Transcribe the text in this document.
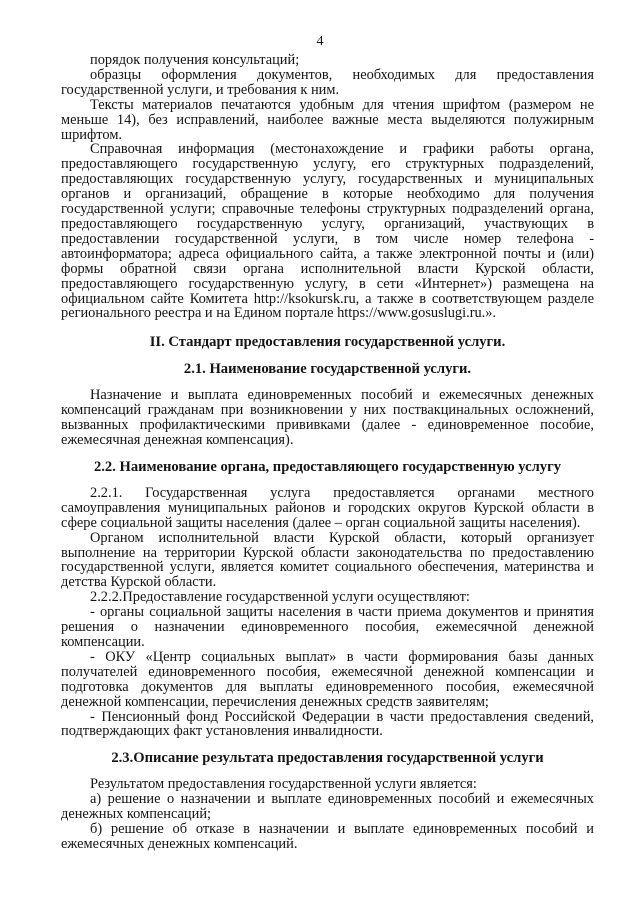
4

порядок получения консультаций;

образцы оформления документов, необходимых для предоставления государственной услуги, и требования к ним.

Тексты материалов печатаются удобным для чтения шрифтом (размером не меньше 14), без исправлений, наиболее важные места выделяются полужирным шрифтом.

Справочная информация (местонахождение и графики работы органа, предоставляющего государственную услугу, его структурных подразделений, предоставляющих государственную услугу, государственных и муниципальных органов и организаций, обращение в которые необходимо для получения государственной услуги; справочные телефоны структурных подразделений органа, предоставляющего государственную услугу, организаций, участвующих в предоставлении государственной услуги, в том числе номер телефона - автоинформатора; адреса официального сайта, а также электронной почты и (или) формы обратной связи органа исполнительной власти Курской области, предоставляющего государственную услугу, в сети «Интернет») размещена на официальном сайте Комитета http://ksokursk.ru, а также в соответствующем разделе регионального реестра и на Едином портале https://www.gosuslugi.ru.».

II. Стандарт предоставления государственной услуги.
2.1. Наименование государственной услуги.

Назначение и выплата единовременных пособий и ежемесячных денежных компенсаций гражданам при возникновении у них поствакцинальных осложнений, вызванных профилактическими прививками (далее - единовременное пособие, ежемесячная денежная компенсация).

2.2. Наименование органа, предоставляющего государственную услугу

2.2.1. Государственная услуга предоставляется органами местного самоуправления муниципальных районов и городских округов Курской области в сфере социальной защиты населения (далее – орган социальной защиты населения).

Органом исполнительной власти Курской области, который организует выполнение на территории Курской области законодательства по предоставлению государственной услуги, является комитет социального обеспечения, материнства и детства Курской области.

2.2.2.Предоставление государственной услуги осуществляют:

- органы социальной защиты населения в части приема документов и принятия решения о назначении единовременного пособия, ежемесячной денежной компенсации.

- ОКУ «Центр социальных выплат» в части формирования базы данных получателей единовременного пособия, ежемесячной денежной компенсации и подготовка документов для выплаты единовременного пособия, ежемесячной денежной компенсации, перечисления денежных средств заявителям;

- Пенсионный фонд Российской Федерации в части предоставления сведений, подтверждающих факт установления инвалидности.

2.3.Описание результата предоставления государственной услуги

Результатом предоставления государственной услуги является:

а) решение о назначении и выплате единовременных пособий и ежемесячных денежных компенсаций;

б) решение об отказе в назначении и выплате единовременных пособий и ежемесячных денежных компенсаций.
